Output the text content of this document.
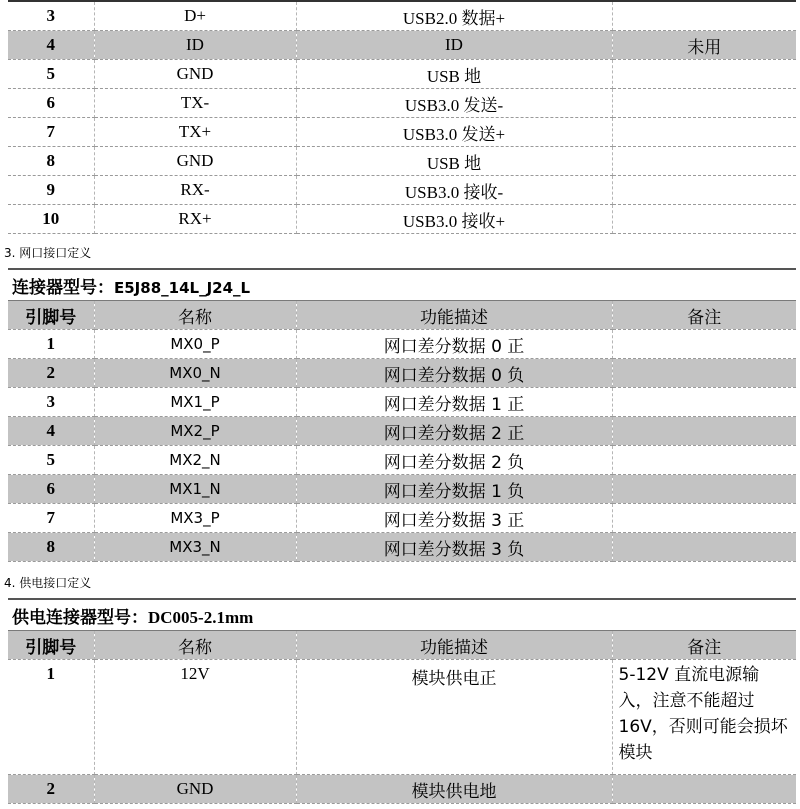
3	D+	USB2.0 数据+	
4	ID	ID	未用
5	GND	USB 地	
6	TX-	USB3.0 发送-	
7	TX+	USB3.0 发送+	
8	GND	USB 地	
9	RX-	USB3.0 接收-	
10	RX+	USB3.0 接收+	
3. 网口接口定义
连接器型号：E5J88_14L_J24_L			
引脚号	名称	功能描述	备注
1	MX0_P	网口差分数据 0 正	
2	MX0_N	网口差分数据 0 负	
3	MX1_P	网口差分数据 1 正	
4	MX2_P	网口差分数据 2 正	
5	MX2_N	网口差分数据 2 负	
6	MX1_N	网口差分数据 1 负	
7	MX3_P	网口差分数据 3 正	
8	MX3_N	网口差分数据 3 负	
4. 供电接口定义
供电连接器型号：DC005-2.1mm			
引脚号	名称	功能描述	备注
1	12V	模块供电正	5-12V 直流电源输入，注意不能超过 16V，否则可能会损坏模块
2	GND	模块供电地	
